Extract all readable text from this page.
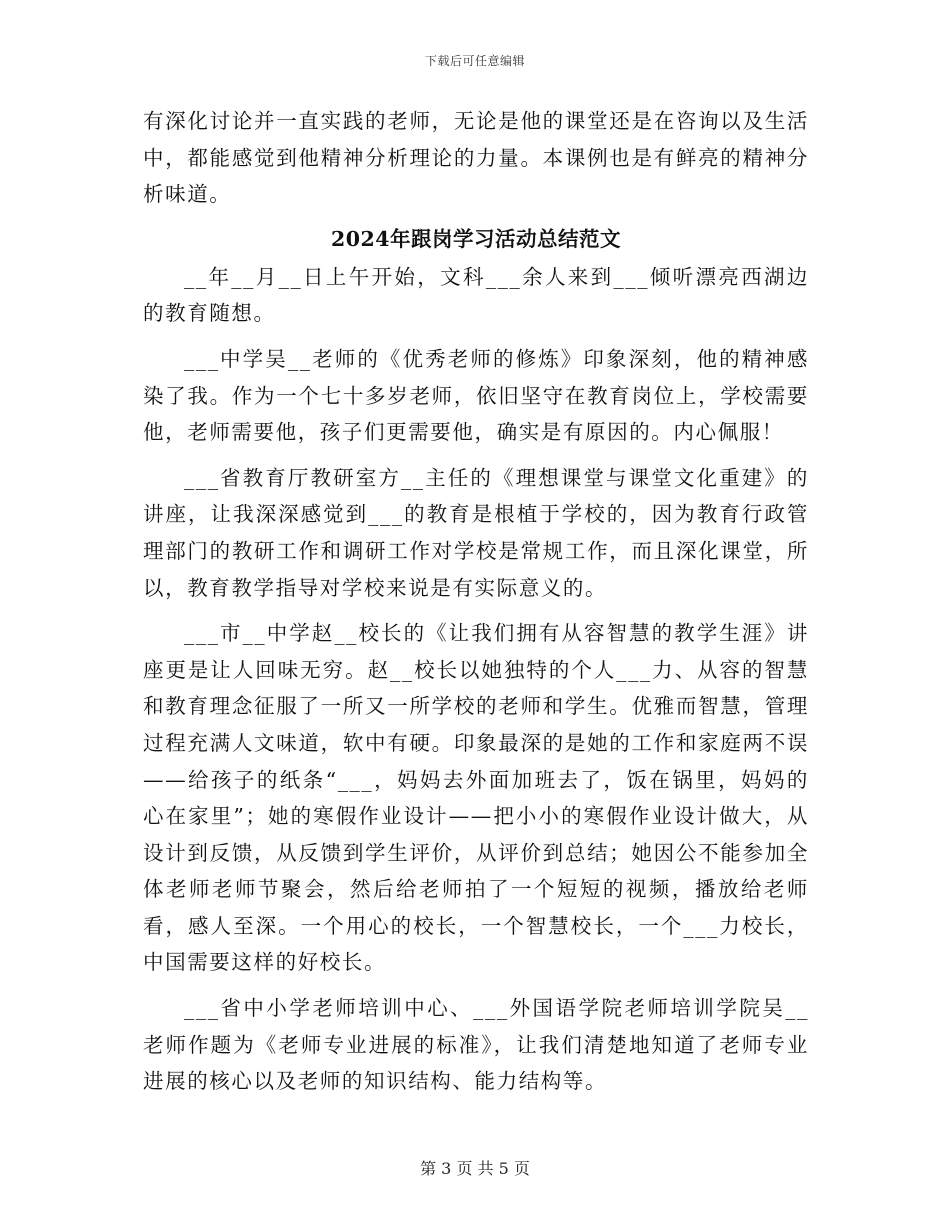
下载后可任意编辑

有深化讨论并一直实践的老师，无论是他的课堂还是在咨询以及生活中，都能感觉到他精神分析理论的力量。本课例也是有鲜亮的精神分析味道。

2024年跟岗学习活动总结范文

__年__月__日上午开始，文科___余人来到___倾听漂亮西湖边的教育随想。

___中学吴__老师的《优秀老师的修炼》印象深刻，他的精神感染了我。作为一个七十多岁老师，依旧坚守在教育岗位上，学校需要他，老师需要他，孩子们更需要他，确实是有原因的。内心佩服！

___省教育厅教研室方__主任的《理想课堂与课堂文化重建》的讲座，让我深深感觉到___的教育是根植于学校的，因为教育行政管理部门的教研工作和调研工作对学校是常规工作，而且深化课堂，所以，教育教学指导对学校来说是有实际意义的。

___市__中学赵__校长的《让我们拥有从容智慧的教学生涯》讲座更是让人回味无穷。赵__校长以她独特的个人___力、从容的智慧和教育理念征服了一所又一所学校的老师和学生。优雅而智慧，管理过程充满人文味道，软中有硬。印象最深的是她的工作和家庭两不误——给孩子的纸条“___，妈妈去外面加班去了，饭在锅里，妈妈的心在家里”；她的寒假作业设计——把小小的寒假作业设计做大，从设计到反馈，从反馈到学生评价，从评价到总结；她因公不能参加全体老师老师节聚会，然后给老师拍了一个短短的视频，播放给老师看，感人至深。一个用心的校长，一个智慧校长，一个___力校长，中国需要这样的好校长。

___省中小学老师培训中心、___外国语学院老师培训学院吴__老师作题为《老师专业进展的标准》，让我们清楚地知道了老师专业进展的核心以及老师的知识结构、能力结构等。

第 3 页 共 5 页
